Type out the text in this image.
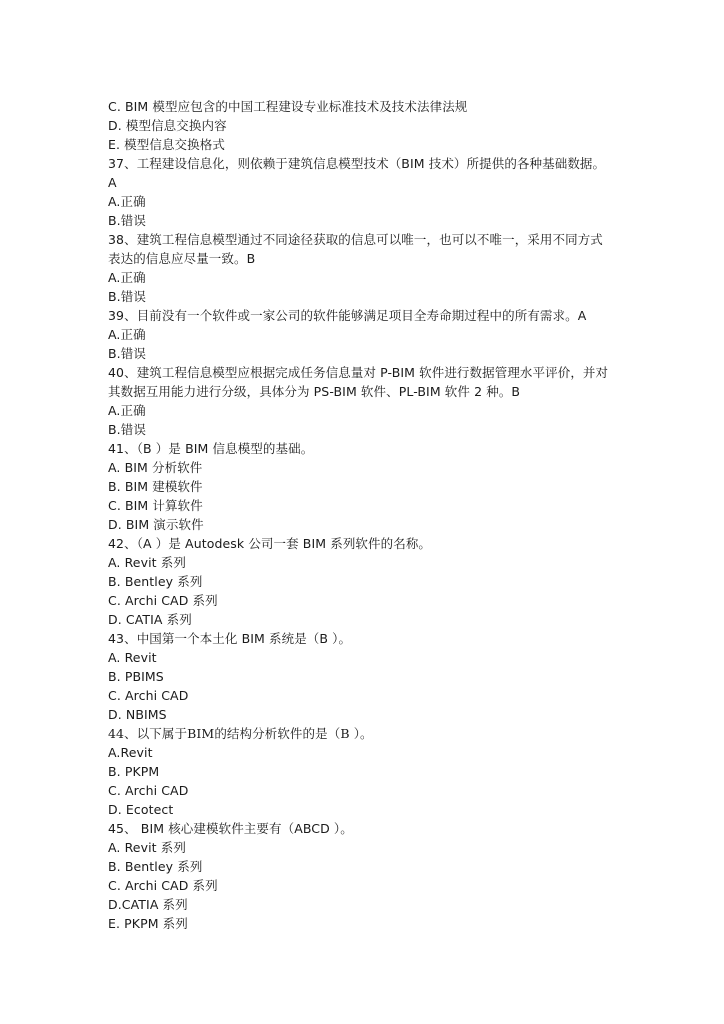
C. BIM 模型应包含的中国工程建设专业标准技术及技术法律法规
D. 模型信息交换内容
E. 模型信息交换格式
37、工程建设信息化，则依赖于建筑信息模型技术（BIM 技术）所提供的各种基础数据。
A
A.正确
B.错误
38、建筑工程信息模型通过不同途径获取的信息可以唯一，也可以不唯一，采用不同方式
表达的信息应尽量一致。B
A.正确
B.错误
39、目前没有一个软件或一家公司的软件能够满足项目全寿命期过程中的所有需求。A
A.正确
B.错误
40、建筑工程信息模型应根据完成任务信息量对 P-BIM 软件进行数据管理水平评价，并对
其数据互用能力进行分级，具体分为 PS-BIM 软件、PL-BIM 软件 2 种。B
A.正确
B.错误
41、（B ）是 BIM 信息模型的基础。
A. BIM 分析软件
B. BIM 建模软件
C. BIM 计算软件
D. BIM 演示软件
42、（A ）是 Autodesk 公司一套 BIM 系列软件的名称。
A. Revit 系列
B. Bentley 系列
C. Archi CAD 系列
D. CATIA 系列
43、中国第一个本土化 BIM 系统是（B ）。
A. Revit
B. PBIMS
C. Archi CAD
D. NBIMS
44、以下属于BIM的结构分析软件的是（B ）。
A.Revit
B. PKPM
C. Archi CAD
D. Ecotect
45、 BIM 核心建模软件主要有（ABCD ）。
A. Revit 系列
B. Bentley 系列
C. Archi CAD 系列
D.CATIA 系列
E. PKPM 系列
